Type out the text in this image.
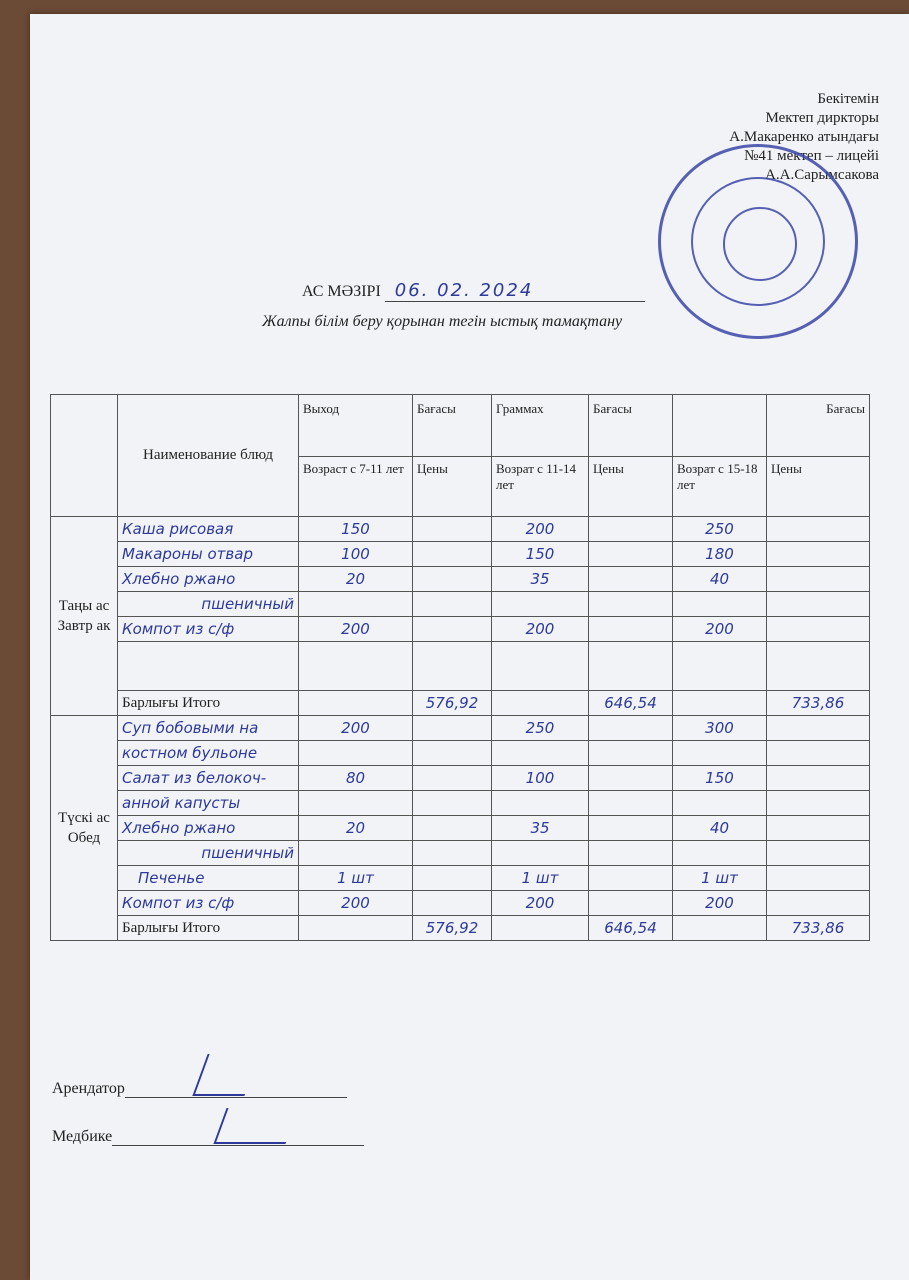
Бекітемін
Мектеп дирктоpы
А.Макаренко атындағы
№41 мектеп – лицейі
А.А.Сарымсакова
АС МӘЗІРІ 06. 02. 2024
Жалпы білім беру қорынан тегін ыстық тамақтану
	Наименование блюд	Выход	Бағасы	Граммах	Бағасы		Бағасы
		Возраст с 7-11 лет	Цены	Возрат с 11-14 лет	Цены	Возрат с 15-18 лет	Цены
Таңы ас Завтр ак	Каша рисовая	150		200		250	
	Макароны отвар	100		150		180	
	Хлебно ржано	20		35		40	
	пшеничный						
	Компот из с/ф	200		200		200	

	Барлығы Итого		576,92		646,54		733,86
Түскі ас Обед	Суп бобовыми на	200		250		300	
	костном бульоне						
	Салат из белокоч-	80		100		150	
	анной капусты						
	Хлебно ржано	20		35		40	
	пшеничный						
	Печенье	1 шт		1 шт		1 шт	
	Компот из с/ф	200		200		200	
	Барлығы Итого		576,92		646,54		733,86
Арендатор
Медбике
